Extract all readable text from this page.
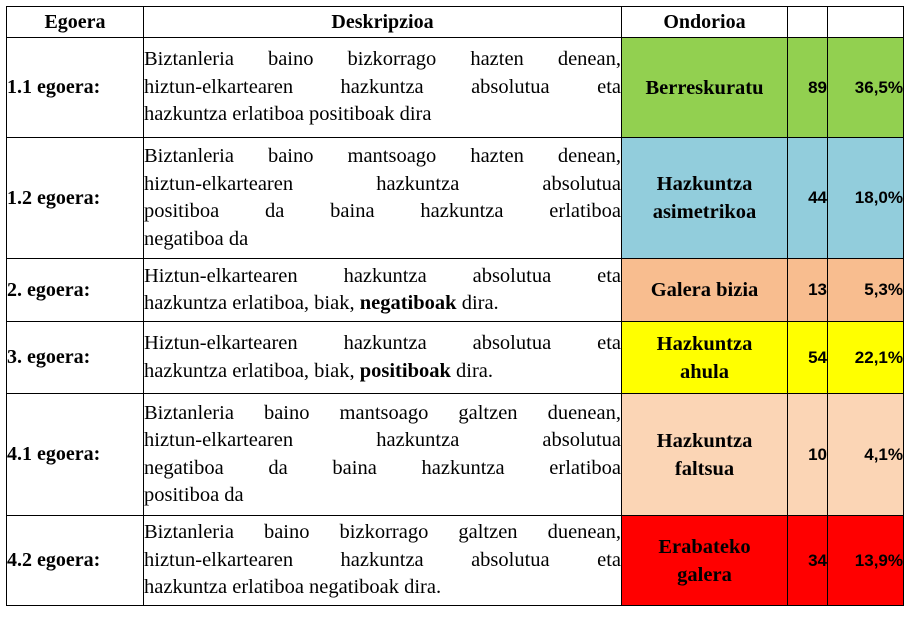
Egoera	Deskripzioa	Ondorioa		
1.1 egoera:	Biztanleria baino bizkorrago hazten denean,
hiztun-elkartearen hazkuntza absolutua eta
hazkuntza erlatiboa positiboak dira	Berreskuratu	89	36,5%
1.2 egoera:	Biztanleria baino mantsoago hazten denean,
hiztun-elkartearen hazkuntza absolutua
positiboa da baina hazkuntza erlatiboa
negatiboa da	Hazkuntza
asimetrikoa	44	18,0%
2. egoera:	Hiztun-elkartearen hazkuntza absolutua eta
hazkuntza erlatiboa, biak, negatiboak dira.	Galera bizia	13	5,3%
3. egoera:	Hiztun-elkartearen hazkuntza absolutua eta
hazkuntza erlatiboa, biak, positiboak dira.	Hazkuntza
ahula	54	22,1%
4.1 egoera:	Biztanleria baino mantsoago galtzen duenean,
hiztun-elkartearen hazkuntza absolutua
negatiboa da baina hazkuntza erlatiboa
positiboa da	Hazkuntza
faltsua	10	4,1%
4.2 egoera:	Biztanleria baino bizkorrago galtzen duenean,
hiztun-elkartearen hazkuntza absolutua eta
hazkuntza erlatiboa negatiboak dira.	Erabateko
galera	34	13,9%
